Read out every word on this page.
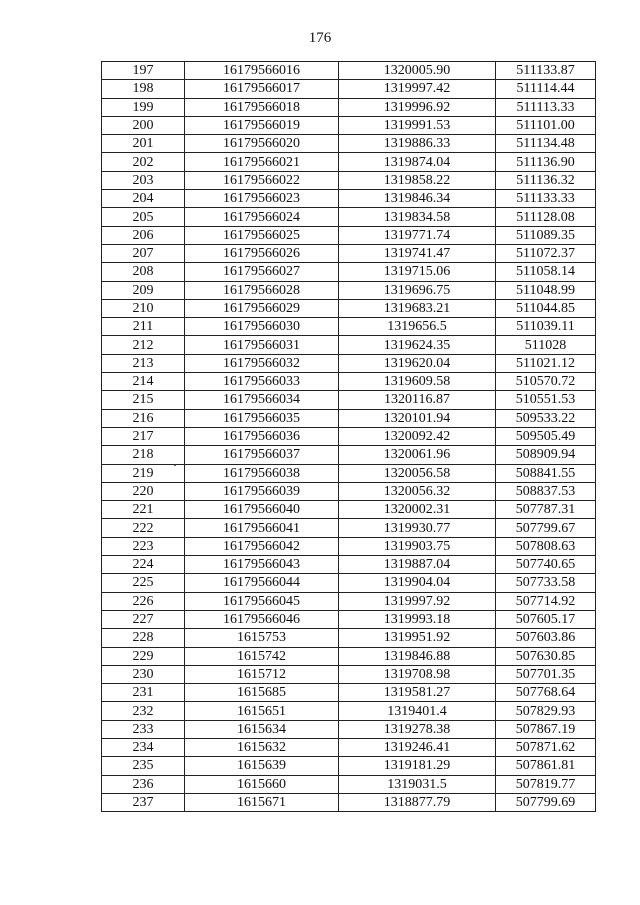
176
197	16179566016	1320005.90	511133.87
198	16179566017	1319997.42	511114.44
199	16179566018	1319996.92	511113.33
200	16179566019	1319991.53	511101.00
201	16179566020	1319886.33	511134.48
202	16179566021	1319874.04	511136.90
203	16179566022	1319858.22	511136.32
204	16179566023	1319846.34	511133.33
205	16179566024	1319834.58	511128.08
206	16179566025	1319771.74	511089.35
207	16179566026	1319741.47	511072.37
208	16179566027	1319715.06	511058.14
209	16179566028	1319696.75	511048.99
210	16179566029	1319683.21	511044.85
211	16179566030	1319656.5	511039.11
212	16179566031	1319624.35	511028
213	16179566032	1319620.04	511021.12
214	16179566033	1319609.58	510570.72
215	16179566034	1320116.87	510551.53
216	16179566035	1320101.94	509533.22
217	16179566036	1320092.42	509505.49
218	16179566037	1320061.96	508909.94
219	16179566038	1320056.58	508841.55
220	16179566039	1320056.32	508837.53
221	16179566040	1320002.31	507787.31
222	16179566041	1319930.77	507799.67
223	16179566042	1319903.75	507808.63
224	16179566043	1319887.04	507740.65
225	16179566044	1319904.04	507733.58
226	16179566045	1319997.92	507714.92
227	16179566046	1319993.18	507605.17
228	1615753	1319951.92	507603.86
229	1615742	1319846.88	507630.85
230	1615712	1319708.98	507701.35
231	1615685	1319581.27	507768.64
232	1615651	1319401.4	507829.93
233	1615634	1319278.38	507867.19
234	1615632	1319246.41	507871.62
235	1615639	1319181.29	507861.81
236	1615660	1319031.5	507819.77
237	1615671	1318877.79	507799.69
